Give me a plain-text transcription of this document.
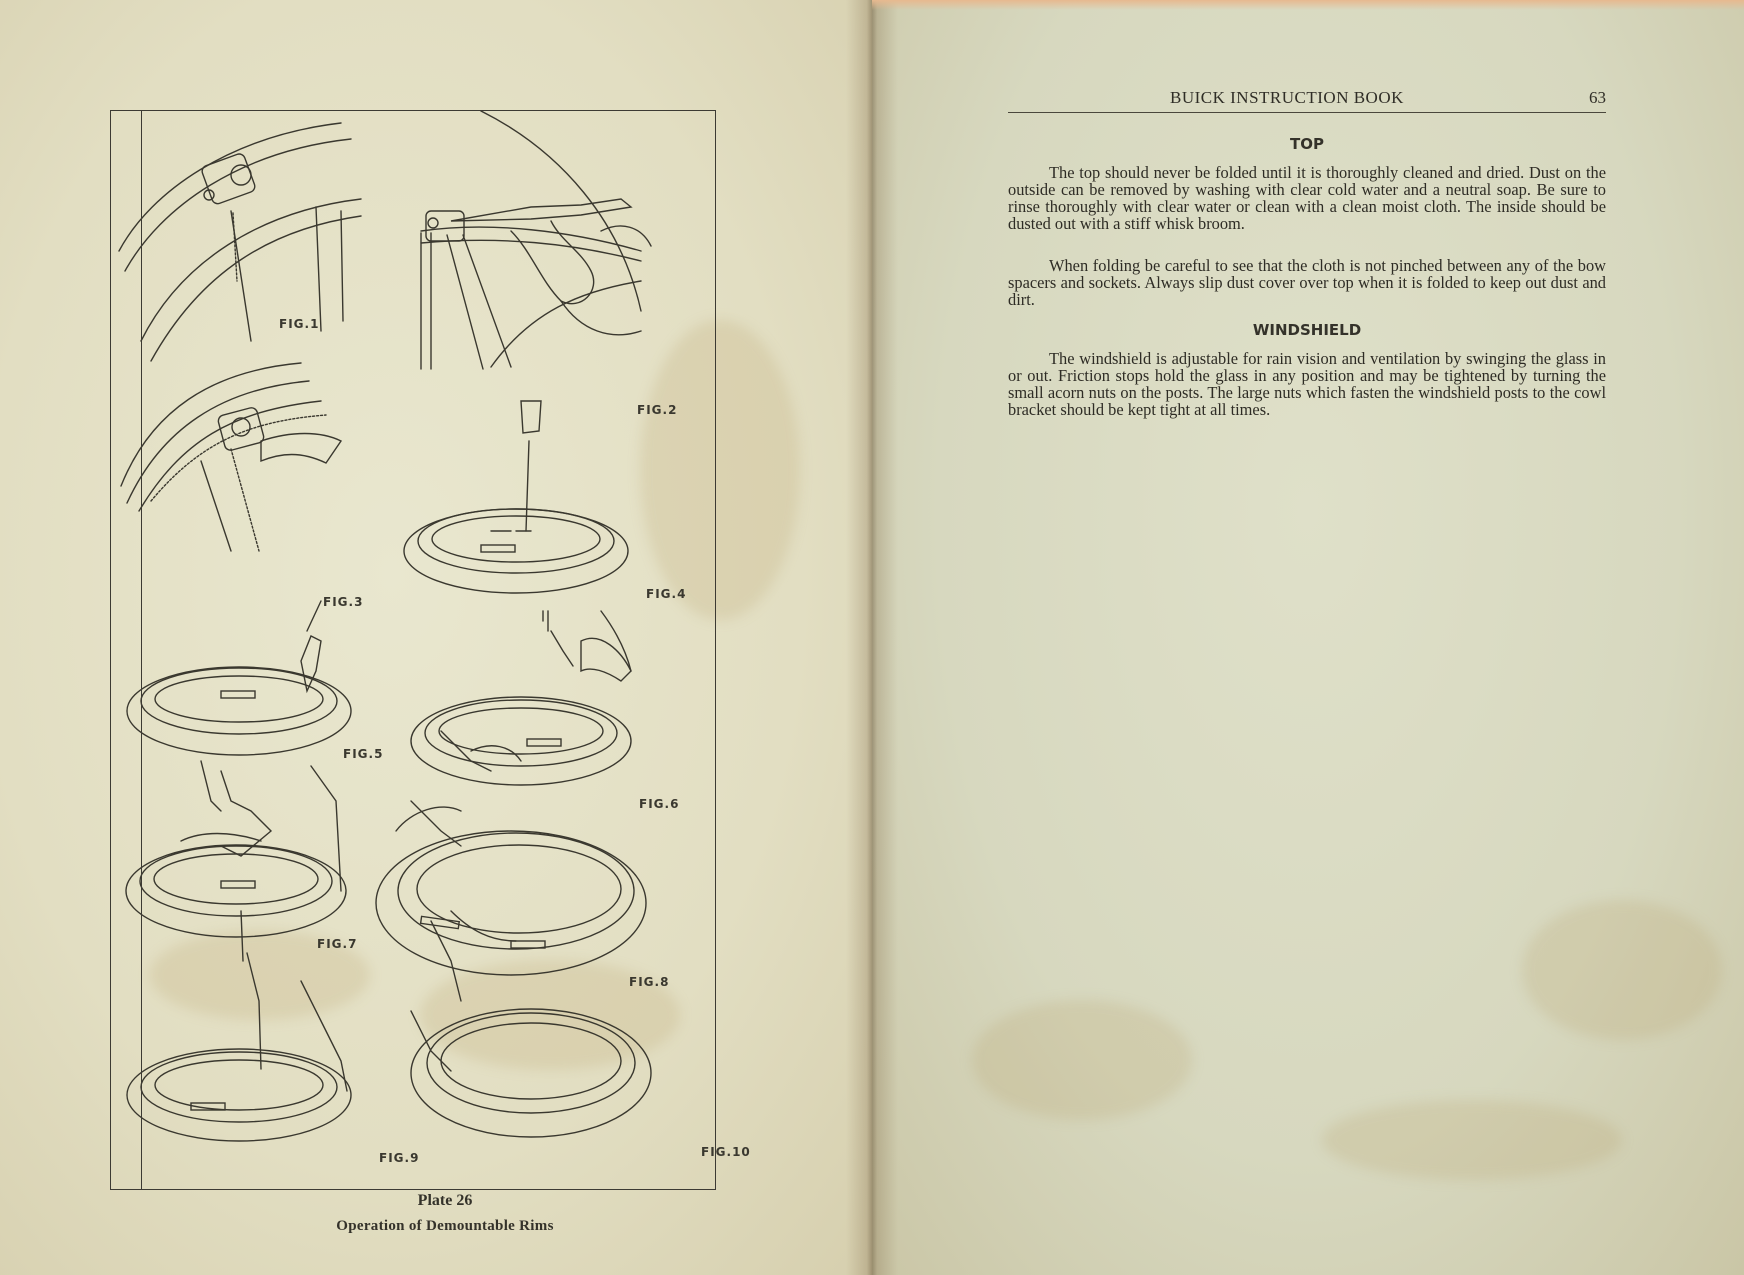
FIG.1
FIG.2
FIG.3
FIG.4
FIG.5
FIG.6
FIG.7
FIG.8
FIG.9	FIG.10
Plate 26
Operation of Demountable Rims
BUICK INSTRUCTION BOOK	63
TOP

The top should never be folded until it is thoroughly cleaned and dried. Dust on the outside can be removed by washing with clear cold water and a neutral soap. Be sure to rinse thoroughly with clear water or clean with a clean moist cloth. The inside should be dusted out with a stiff whisk broom.

When folding be careful to see that the cloth is not pinched between any of the bow spacers and sockets. Always slip dust cover over top when it is folded to keep out dust and dirt.

WINDSHIELD

The windshield is adjustable for rain vision and ventilation by swinging the glass in or out. Friction stops hold the glass in any position and may be tightened by turning the small acorn nuts on the posts. The large nuts which fasten the windshield posts to the cowl bracket should be kept tight at all times.
